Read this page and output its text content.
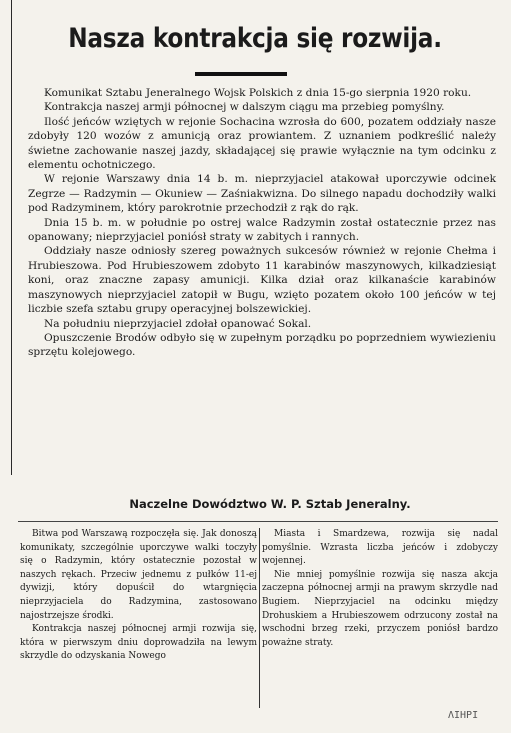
Nasza kontrakcja się rozwija.

Komunikat Sztabu Jeneralnego Wojsk Polskich z dnia 15-go sierpnia 1920 roku.

Kontrakcja naszej armji północnej w dalszym ciągu ma przebieg pomyślny.

Ilość jeńców wziętych w rejonie Sochacina wzrosła do 600, pozatem oddziały nasze zdobyły 120 wozów z amunicją oraz prowiantem. Z uznaniem podkreślić należy świetne zachowanie naszej jazdy, składającej się prawie wyłącznie na tym odcinku z elementu ochotniczego.

W rejonie Warszawy dnia 14 b. m. nieprzyjaciel atakował uporczywie odcinek Zegrze — Radzymin — Okuniew — Zaśniakwizna. Do silnego napadu dochodziły walki pod Radzyminem, który parokrotnie przechodził z rąk do rąk.

Dnia 15 b. m. w południe po ostrej walce Radzymin został ostatecznie przez nas opanowany; nieprzyjaciel poniósł straty w zabitych i rannych.

Oddziały nasze odniosły szereg poważnych sukcesów również w rejonie Chełma i Hrubieszowa. Pod Hrubieszowem zdobyto 11 karabinów maszynowych, kilkadziesiąt koni, oraz znaczne zapasy amunicji. Kilka dział oraz kilkanaście karabinów maszynowych nieprzyjaciel zatopił w Bugu, wzięto pozatem około 100 jeńców w tej liczbie szefa sztabu grupy operacyjnej bolszewickiej.

Na południu nieprzyjaciel zdołał opanować Sokal.

Opuszczenie Brodów odbyło się w zupełnym porządku po poprzedniem wywiezieniu sprzętu kolejowego.

Naczelne Dowództwo W. P. Sztab Jeneralny.

Bitwa pod Warszawą rozpoczęła się. Jak donoszą komunikaty, szczególnie uporczywe walki toczyły się o Radzymin, który ostatecznie pozostał w naszych rękach. Przeciw jednemu z pułków 11-ej dywizji, który dopuścił do wtargnięcia nieprzyjaciela do Radzymina, zastosowano najostrzejsze środki.

Kontrakcja naszej północnej armji rozwija się, która w pierwszym dniu doprowadziła na lewym skrzydle do odzyskania Nowego

Miasta i Smardzewa, rozwija się nadal pomyślnie. Wzrasta liczba jeńców i zdobyczy wojennej.

Nie mniej pomyślnie rozwija się nasza akcja zaczepna północnej armji na prawym skrzydle nad Bugiem. Nieprzyjaciel na odcinku między Drohuskiem a Hrubieszowem odrzucony został na wschodni brzeg rzeki, przyczem poniósł bardzo poważne straty.

ΛΙΗΡΙ
